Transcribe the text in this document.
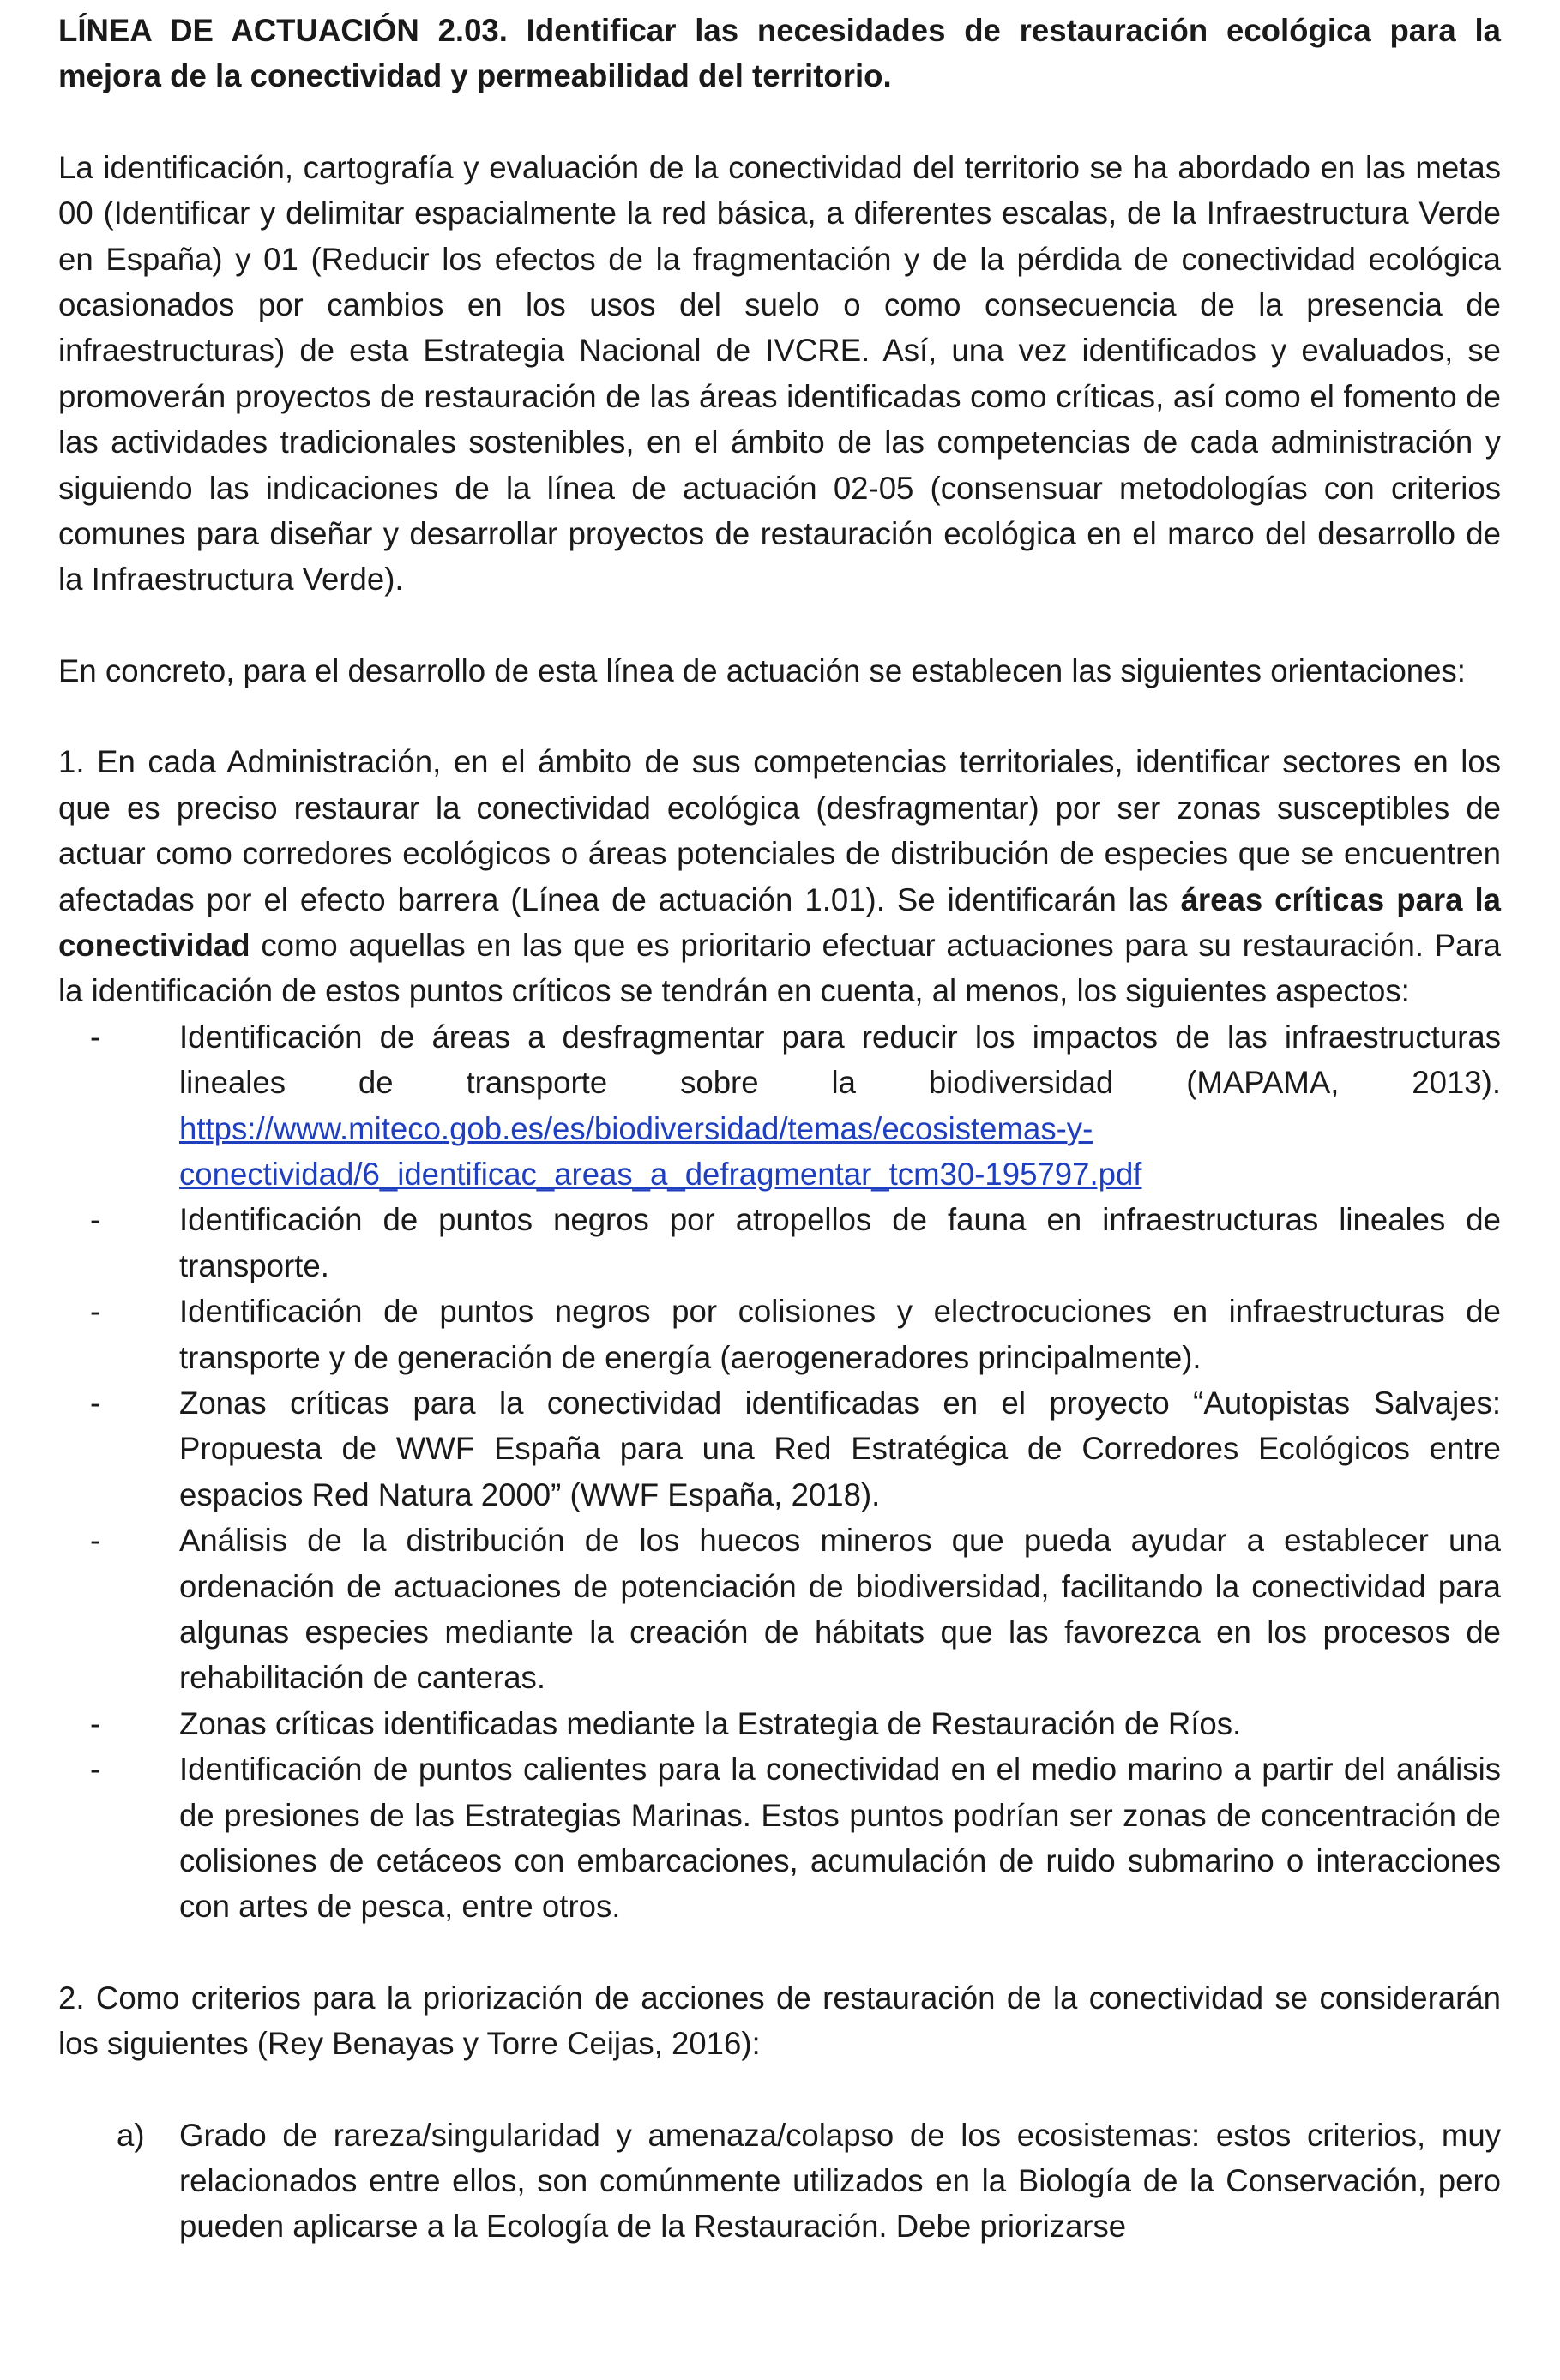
LÍNEA DE ACTUACIÓN 2.03. Identificar las necesidades de restauración ecológica para la mejora de la conectividad y permeabilidad del territorio.

La identificación, cartografía y evaluación de la conectividad del territorio se ha abordado en las metas 00 (Identificar y delimitar espacialmente la red básica, a diferentes escalas, de la Infraestructura Verde en España) y 01 (Reducir los efectos de la fragmentación y de la pérdida de conectividad ecológica ocasionados por cambios en los usos del suelo o como consecuencia de la presencia de infraestructuras) de esta Estrategia Nacional de IVCRE. Así, una vez identificados y evaluados, se promoverán proyectos de restauración de las áreas identificadas como críticas, así como el fomento de las actividades tradicionales sostenibles, en el ámbito de las competencias de cada administración y siguiendo las indicaciones de la línea de actuación 02-05 (consensuar metodologías con criterios comunes para diseñar y desarrollar proyectos de restauración ecológica en el marco del desarrollo de la Infraestructura Verde).

En concreto, para el desarrollo de esta línea de actuación se establecen las siguientes orientaciones:

1. En cada Administración, en el ámbito de sus competencias territoriales, identificar sectores en los que es preciso restaurar la conectividad ecológica (desfragmentar) por ser zonas susceptibles de actuar como corredores ecológicos o áreas potenciales de distribución de especies que se encuentren afectadas por el efecto barrera (Línea de actuación 1.01). Se identificarán las áreas críticas para la conectividad como aquellas en las que es prioritario efectuar actuaciones para su restauración. Para la identificación de estos puntos críticos se tendrán en cuenta, al menos, los siguientes aspectos:

-	Identificación de áreas a desfragmentar para reducir los impactos de las infraestructuras lineales de transporte sobre la biodiversidad (MAPAMA, 2013). https://www.miteco.gob.es/es/biodiversidad/temas/ecosistemas-y-conectividad/6_identificac_areas_a_defragmentar_tcm30-195797.pdf
-	Identificación de puntos negros por atropellos de fauna en infraestructuras lineales de transporte.
-	Identificación de puntos negros por colisiones y electrocuciones en infraestructuras de transporte y de generación de energía (aerogeneradores principalmente).
-	Zonas críticas para la conectividad identificadas en el proyecto “Autopistas Salvajes: Propuesta de WWF España para una Red Estratégica de Corredores Ecológicos entre espacios Red Natura 2000” (WWF España, 2018).
-	Análisis de la distribución de los huecos mineros que pueda ayudar a establecer una ordenación de actuaciones de potenciación de biodiversidad, facilitando la conectividad para algunas especies mediante la creación de hábitats que las favorezca en los procesos de rehabilitación de canteras.
-	Zonas críticas identificadas mediante la Estrategia de Restauración de Ríos.
-	Identificación de puntos calientes para la conectividad en el medio marino a partir del análisis de presiones de las Estrategias Marinas. Estos puntos podrían ser zonas de concentración de colisiones de cetáceos con embarcaciones, acumulación de ruido submarino o interacciones con artes de pesca, entre otros.

2. Como criterios para la priorización de acciones de restauración de la conectividad se considerarán los siguientes (Rey Benayas y Torre Ceijas, 2016):

a) Grado de rareza/singularidad y amenaza/colapso de los ecosistemas: estos criterios, muy relacionados entre ellos, son comúnmente utilizados en la Biología de la Conservación, pero pueden aplicarse a la Ecología de la Restauración. Debe priorizarse
